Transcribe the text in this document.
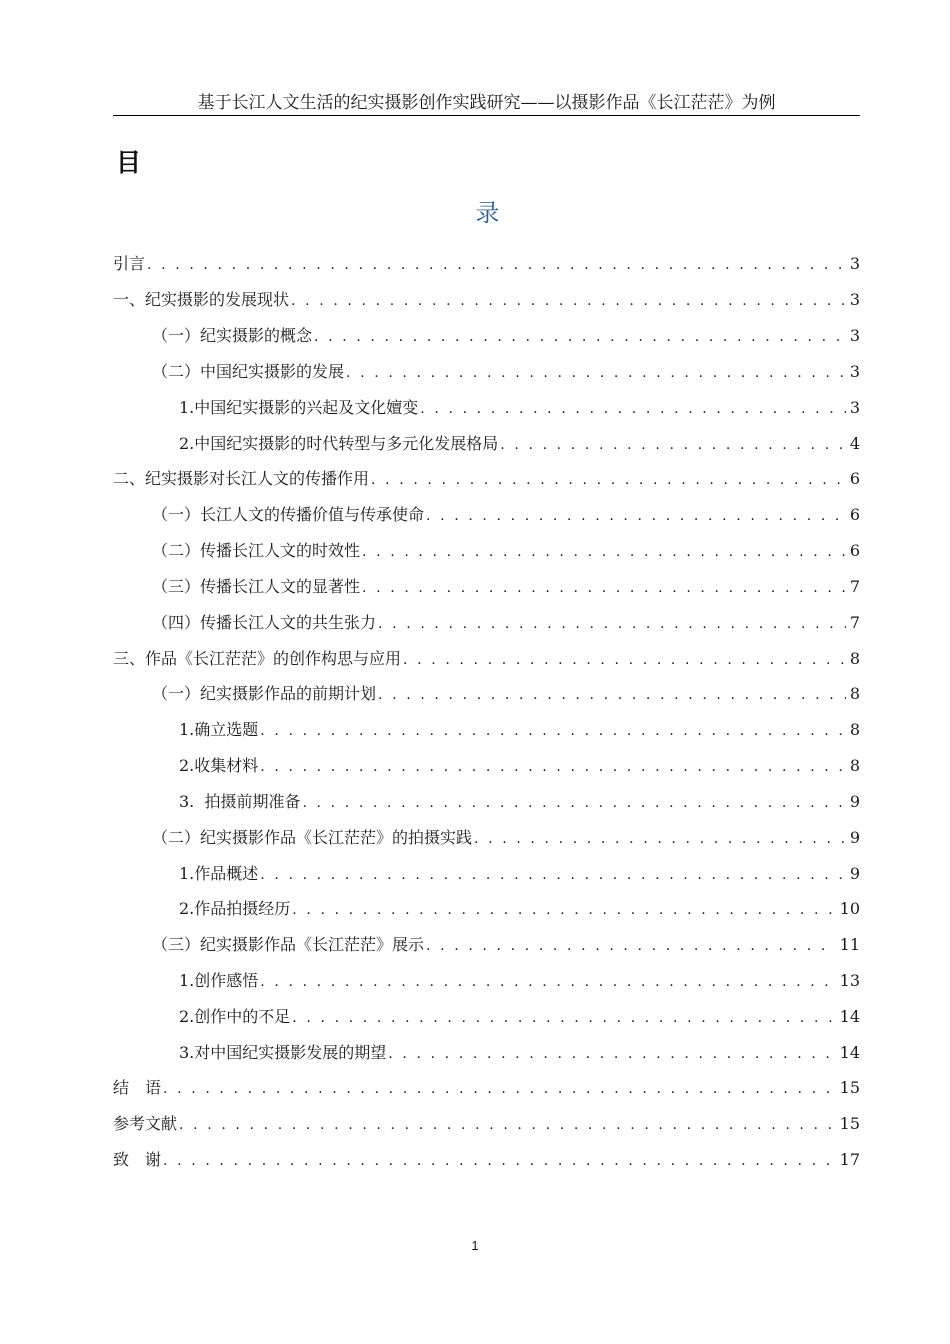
基于长江人文生活的纪实摄影创作实践研究——以摄影作品《长江茫茫》为例
目
录
引言 . . .	3
一、纪实摄影的发展现状 . . .	3
（一）纪实摄影的概念 . . .	3
（二）中国纪实摄影的发展 . . .	3
1.中国纪实摄影的兴起及文化嬗变 . . .	3
2.中国纪实摄影的时代转型与多元化发展格局 . . .	4
二、纪实摄影对长江人文的传播作用 . . .	6
（一）长江人文的传播价值与传承使命 . . .	6
（二）传播长江人文的时效性 . . .	6
（三）传播长江人文的显著性 . . .	7
（四）传播长江人文的共生张力 . . .	7
三、作品《长江茫茫》的创作构思与应用 . . .	8
（一）纪实摄影作品的前期计划 . . .	8
1.确立选题 . . .	8
2.收集材料 . . .	8
3.  拍摄前期准备 . . .	9
（二）纪实摄影作品《长江茫茫》的拍摄实践 . . .	9
1.作品概述 . . .	9
2.作品拍摄经历 . . .	10
（三）纪实摄影作品《长江茫茫》展示 . . .	11
1.创作感悟 . . .	13
2.创作中的不足 . . .	14
3.对中国纪实摄影发展的期望 . . .	14
结　语 . . .	15
参考文献 . . .	15
致　谢 . . .	17
1
